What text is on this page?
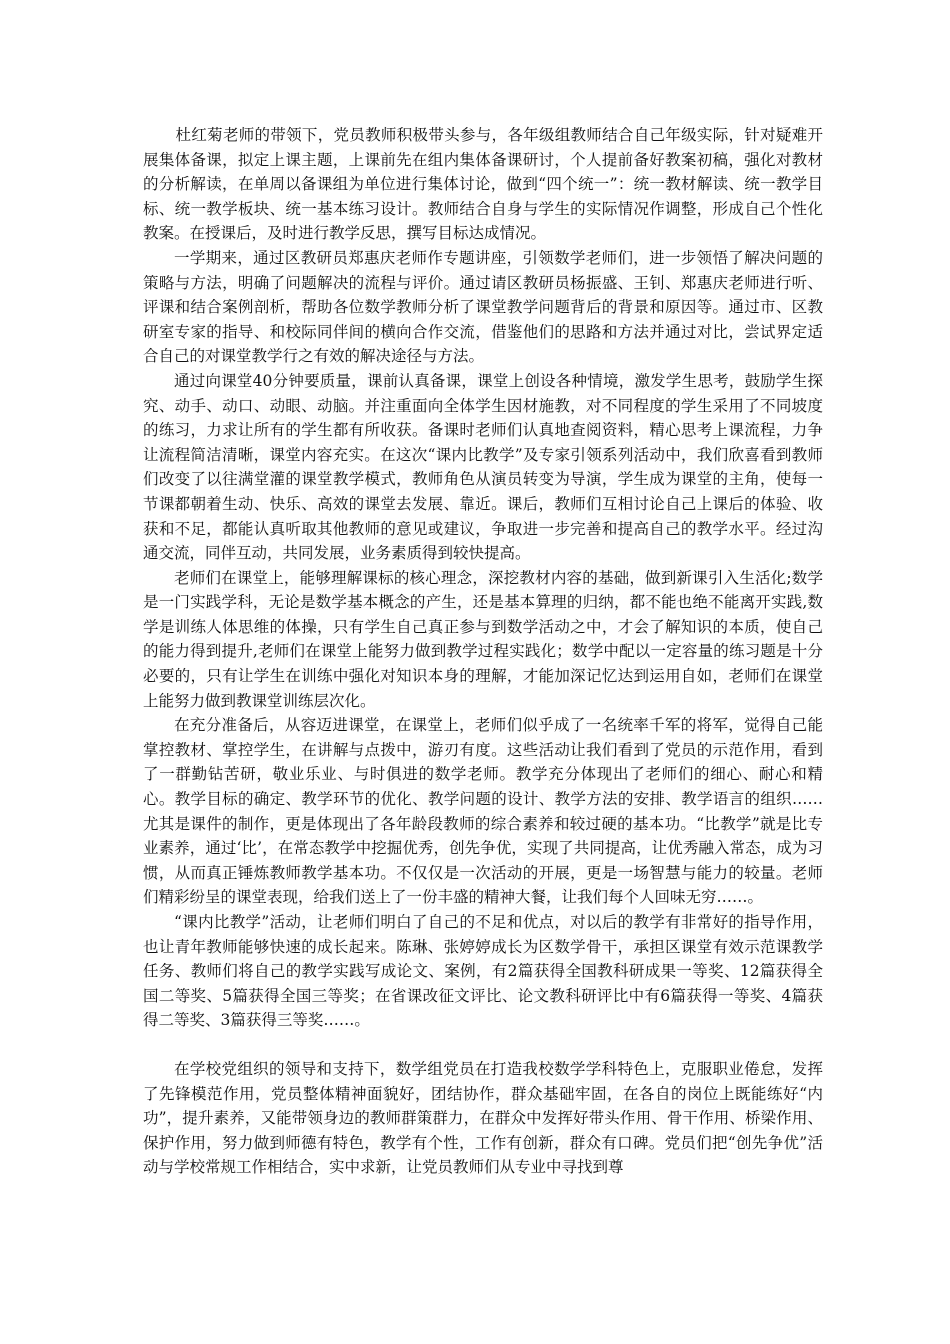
杜红菊老师的带领下，党员教师积极带头参与，各年级组教师结合自己年级实际，针对疑难开展集体备课，拟定上课主题，上课前先在组内集体备课研讨，个人提前备好教案初稿，强化对教材的分析解读，在单周以备课组为单位进行集体讨论，做到“四个统一”：统一教材解读、统一教学目标、统一教学板块、统一基本练习设计。教师结合自身与学生的实际情况作调整，形成自己个性化教案。在授课后，及时进行教学反思，撰写目标达成情况。

一学期来，通过区教研员郑惠庆老师作专题讲座，引领数学老师们，进一步领悟了解决问题的策略与方法，明确了问题解决的流程与评价。通过请区教研员杨振盛、王钊、郑惠庆老师进行听、评课和结合案例剖析，帮助各位数学教师分析了课堂教学问题背后的背景和原因等。通过市、区教研室专家的指导、和校际同伴间的横向合作交流，借鉴他们的思路和方法并通过对比，尝试界定适合自己的对课堂教学行之有效的解决途径与方法。

通过向课堂40分钟要质量，课前认真备课，课堂上创设各种情境，激发学生思考，鼓励学生探究、动手、动口、动眼、动脑。并注重面向全体学生因材施教，对不同程度的学生采用了不同坡度的练习，力求让所有的学生都有所收获。备课时老师们认真地查阅资料，精心思考上课流程，力争让流程简洁清晰，课堂内容充实。在这次“课内比教学”及专家引领系列活动中，我们欣喜看到教师们改变了以往满堂灌的课堂教学模式，教师角色从演员转变为导演，学生成为课堂的主角，使每一节课都朝着生动、快乐、高效的课堂去发展、靠近。课后，教师们互相讨论自己上课后的体验、收获和不足，都能认真听取其他教师的意见或建议，争取进一步完善和提高自己的教学水平。经过沟通交流，同伴互动，共同发展，业务素质得到较快提高。

老师们在课堂上，能够理解课标的核心理念，深挖教材内容的基础，做到新课引入生活化;数学是一门实践学科，无论是数学基本概念的产生，还是基本算理的归纳，都不能也绝不能离开实践,数学是训练人体思维的体操，只有学生自己真正参与到数学活动之中，才会了解知识的本质，使自己的能力得到提升,老师们在课堂上能努力做到教学过程实践化；数学中配以一定容量的练习题是十分必要的，只有让学生在训练中强化对知识本身的理解，才能加深记忆达到运用自如，老师们在课堂上能努力做到教课堂训练层次化。

在充分准备后，从容迈进课堂，在课堂上，老师们似乎成了一名统率千军的将军，觉得自己能掌控教材、掌控学生，在讲解与点拨中，游刃有度。这些活动让我们看到了党员的示范作用，看到了一群勤钻苦研，敬业乐业、与时俱进的数学老师。教学充分体现出了老师们的细心、耐心和精心。教学目标的确定、教学环节的优化、教学问题的设计、教学方法的安排、教学语言的组织……尤其是课件的制作，更是体现出了各年龄段教师的综合素养和较过硬的基本功。“比教学”就是比专业素养，通过‘比’，在常态教学中挖掘优秀，创先争优，实现了共同提高，让优秀融入常态，成为习惯，从而真正锤炼教师教学基本功。不仅仅是一次活动的开展，更是一场智慧与能力的较量。老师们精彩纷呈的课堂表现，给我们送上了一份丰盛的精神大餐，让我们每个人回味无穷……。

“课内比教学”活动，让老师们明白了自己的不足和优点，对以后的教学有非常好的指导作用，也让青年教师能够快速的成长起来。陈琳、张婷婷成长为区数学骨干，承担区课堂有效示范课教学任务、教师们将自己的教学实践写成论文、案例，有2篇获得全国教科研成果一等奖、12篇获得全国二等奖、5篇获得全国三等奖；在省课改征文评比、论文教科研评比中有6篇获得一等奖、4篇获得二等奖、3篇获得三等奖……。

在学校党组织的领导和支持下，数学组党员在打造我校数学学科特色上，克服职业倦怠，发挥了先锋模范作用，党员整体精神面貌好，团结协作，群众基础牢固，在各自的岗位上既能练好“内功”，提升素养，又能带领身边的教师群策群力，在群众中发挥好带头作用、骨干作用、桥梁作用、保护作用，努力做到师德有特色，教学有个性，工作有创新，群众有口碑。党员们把“创先争优”活动与学校常规工作相结合，实中求新，让党员教师们从专业中寻找到尊
